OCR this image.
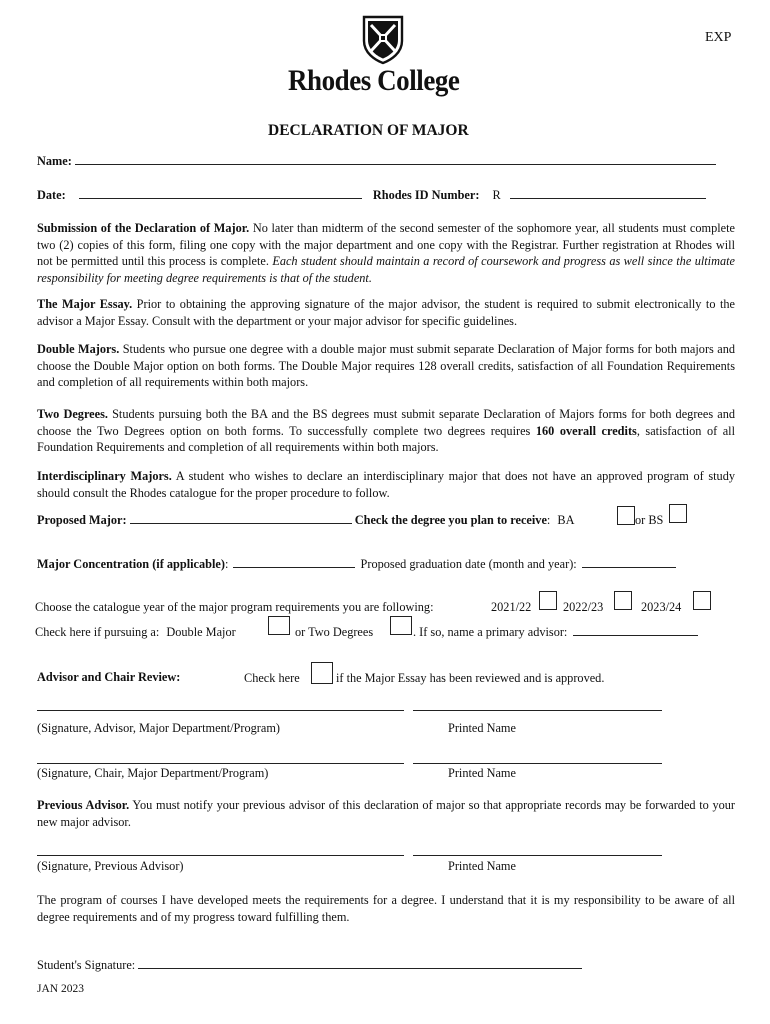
EXP
Rhodes College
DECLARATION OF MAJOR
Name:
Date:	Rhodes ID Number: R
Submission of the Declaration of Major. No later than midterm of the second semester of the sophomore year, all students must complete two (2) copies of this form, filing one copy with the major department and one copy with the Registrar. Further registration at Rhodes will not be permitted until this process is complete. Each student should maintain a record of coursework and progress as well since the ultimate responsibility for meeting degree requirements is that of the student.
The Major Essay. Prior to obtaining the approving signature of the major advisor, the student is required to submit electronically to the advisor a Major Essay. Consult with the department or your major advisor for specific guidelines.
Double Majors. Students who pursue one degree with a double major must submit separate Declaration of Major forms for both majors and choose the Double Major option on both forms. The Double Major requires 128 overall credits, satisfaction of all Foundation Requirements and completion of all requirements within both majors.
Two Degrees. Students pursuing both the BA and the BS degrees must submit separate Declaration of Majors forms for both degrees and choose the Two Degrees option on both forms. To successfully complete two degrees requires 160 overall credits, satisfaction of all Foundation Requirements and completion of all requirements within both majors.
Interdisciplinary Majors. A student who wishes to declare an interdisciplinary major that does not have an approved program of study should consult the Rhodes catalogue for the proper procedure to follow.
Proposed Major:	Check the degree you plan to receive: BA	or BS
Major Concentration (if applicable):	Proposed graduation date (month and year):
Choose the catalogue year of the major program requirements you are following:	2021/22	2022/23	2023/24
Check here if pursuing a: Double Major	or Two Degrees	. If so, name a primary advisor:
Advisor and Chair Review:	Check here	if the Major Essay has been reviewed and is approved.
(Signature, Advisor, Major Department/Program)	Printed Name
(Signature, Chair, Major Department/Program)	Printed Name
Previous Advisor. You must notify your previous advisor of this declaration of major so that appropriate records may be forwarded to your new major advisor.
(Signature, Previous Advisor)	Printed Name
The program of courses I have developed meets the requirements for a degree. I understand that it is my responsibility to be aware of all degree requirements and of my progress toward fulfilling them.
Student's Signature:
JAN 2023
